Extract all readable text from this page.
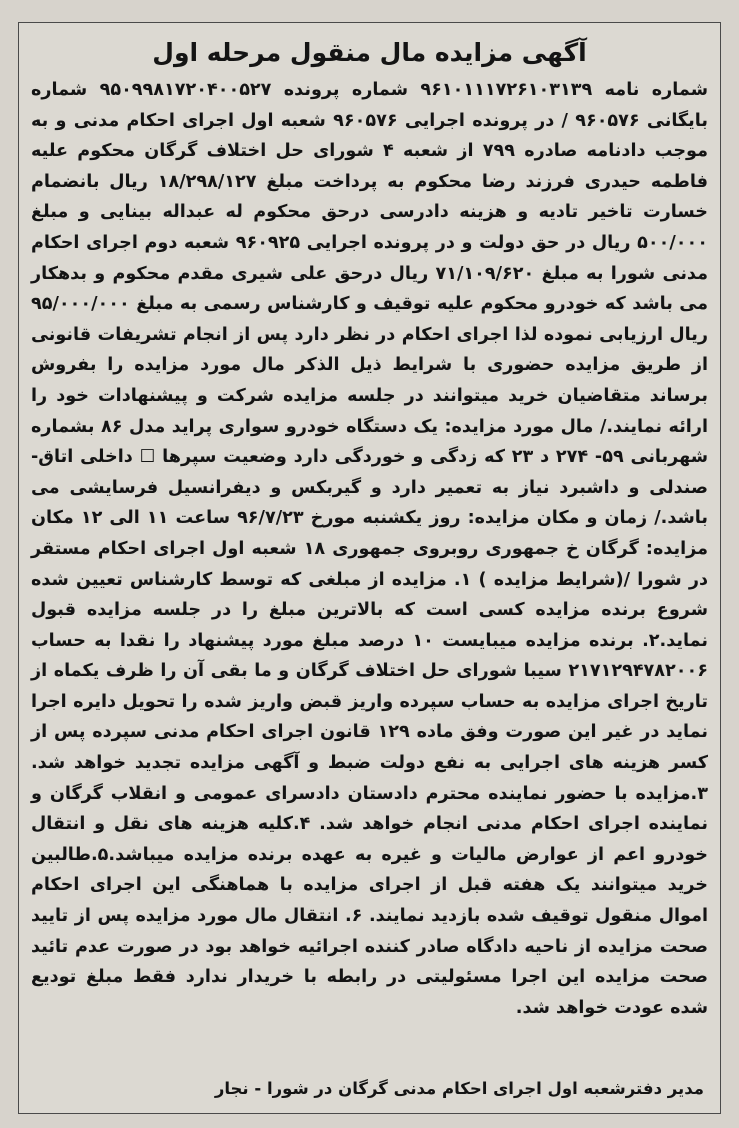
آگهی مزایده مال منقول مرحله اول

شماره نامه ۹۶۱۰۱۱۱۷۲۶۱۰۳۱۳۹ شماره پرونده ۹۵۰۹۹۸۱۷۲۰۴۰۰۵۲۷ شماره بایگانی ۹۶۰۵۷۶ / در پرونده اجرایی ۹۶۰۵۷۶ شعبه اول اجرای احکام مدنی و به موجب دادنامه صادره ۷۹۹ از شعبه ۴ شورای حل اختلاف گرگان محکوم علیه فاطمه حیدری فرزند رضا محکوم به پرداخت مبلغ ۱۸/۲۹۸/۱۲۷ ریال بانضمام خسارت تاخیر تادیه و هزینه دادرسی درحق محکوم له عبداله بینایی و مبلغ ۵۰۰/۰۰۰ ریال در حق دولت و در پرونده اجرایی ۹۶۰۹۲۵ شعبه دوم اجرای احکام مدنی شورا به مبلغ ۷۱/۱۰۹/۶۲۰ ریال درحق علی شیری مقدم محکوم و بدهکار می باشد که خودرو محکوم علیه توقیف و کارشناس رسمی به مبلغ ۹۵/۰۰۰/۰۰۰ ریال ارزیابی نموده لذا اجرای احکام در نظر دارد پس از انجام تشریفات قانونی از طریق مزایده حضوری با شرایط ذیل الذکر مال مورد مزایده را بفروش برساند متقاضیان خرید میتوانند در جلسه مزایده شرکت و پیشنهادات خود را ارائه نمایند./ مال مورد مزایده: یک دستگاه خودرو سواری پراید مدل ۸۶ بشماره شهربانی ۵۹- ۲۷۴ د ۲۳ که زدگی و خوردگی دارد وضعیت سپرها ☐ داخلی اتاق- صندلی و داشبرد نیاز به تعمیر دارد و گیربکس و دیفرانسیل فرسایشی می باشد./ زمان و مکان مزایده: روز یکشنبه مورخ ۹۶/۷/۲۳ ساعت ۱۱ الی ۱۲ مکان مزایده: گرگان خ جمهوری روبروی جمهوری ۱۸ شعبه اول اجرای احکام مستقر در شورا /(شرایط مزایده ) ۱. مزایده از مبلغی که توسط کارشناس تعیین شده شروع برنده مزایده کسی است که بالاترین مبلغ را در جلسه مزایده قبول نماید.۲. برنده مزایده میبایست ۱۰ درصد مبلغ مورد پیشنهاد را نقدا به حساب ۲۱۷۱۲۹۴۷۸۲۰۰۶ سیبا شورای حل اختلاف گرگان و ما بقی آن را ظرف یکماه از تاریخ اجرای مزایده به حساب سپرده واریز قبض واریز شده را تحویل دایره اجرا نماید در غیر این صورت وفق ماده ۱۲۹ قانون اجرای احکام مدنی سپرده پس از کسر هزینه های اجرایی به نفع دولت ضبط و آگهی مزایده تجدید خواهد شد. ۳.مزایده با حضور نماینده محترم دادستان دادسرای عمومی و انقلاب گرگان و نماینده اجرای احکام مدنی انجام خواهد شد. ۴.کلیه هزینه های نقل و انتقال خودرو اعم از عوارض مالیات و غیره به عهده برنده مزایده میباشد.۵.طالبین خرید میتوانند یک هفته قبل از اجرای مزایده با هماهنگی این اجرای احکام اموال منقول توقیف شده بازدید نمایند. ۶. انتقال مال مورد مزایده پس از تایید صحت مزایده از ناحیه دادگاه صادر کننده اجرائیه خواهد بود در صورت عدم تائید صحت مزایده این اجرا مسئولیتی در رابطه با خریدار ندارد فقط مبلغ تودیع شده عودت خواهد شد.

مدیر دفترشعبه اول اجرای احکام مدنی گرگان در شورا - نجار
